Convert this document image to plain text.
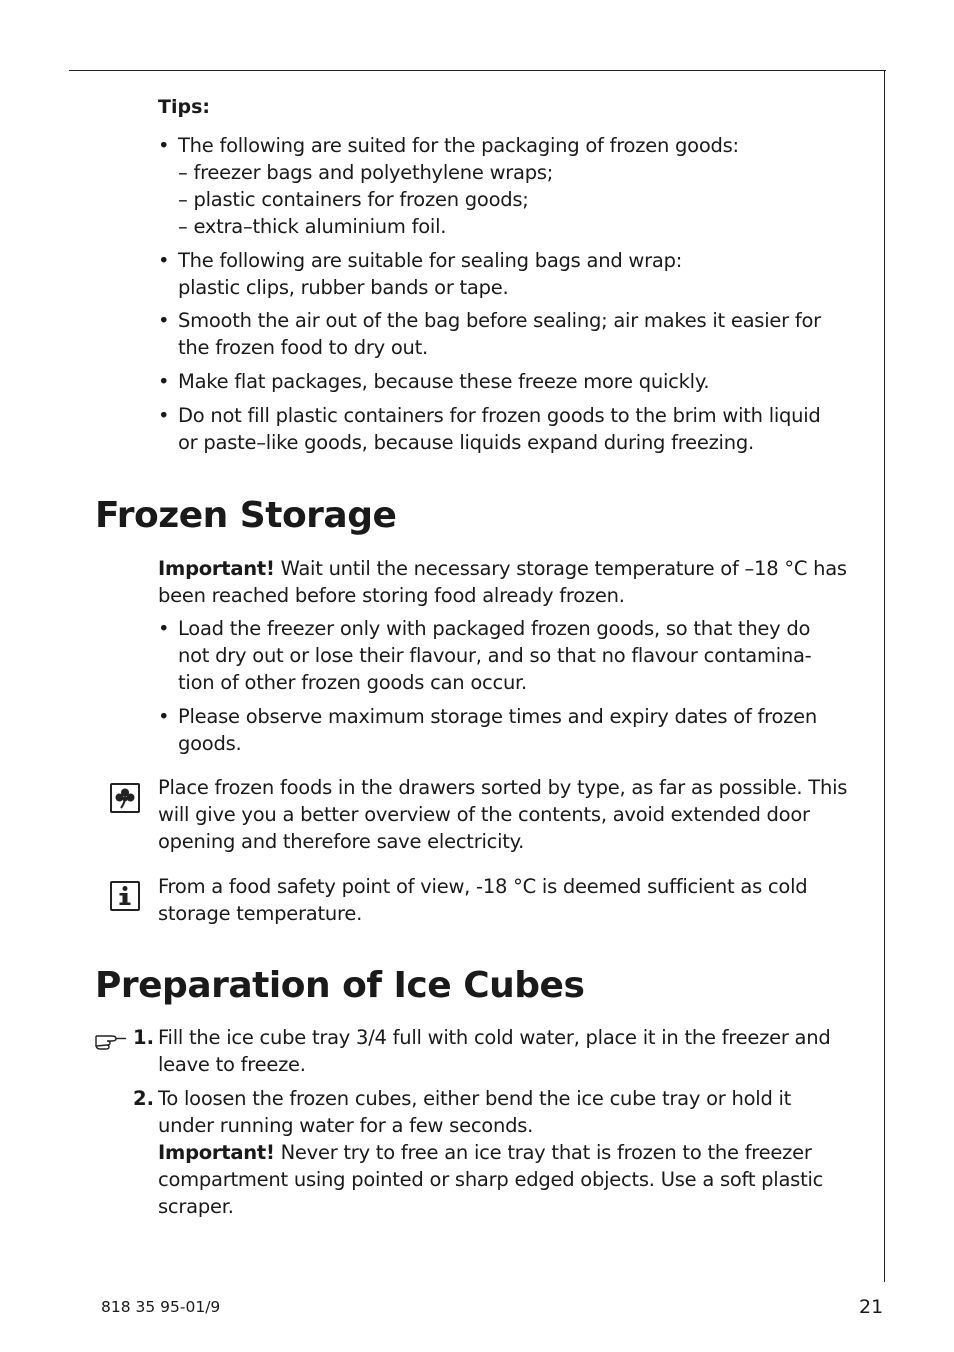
Tips:
• The following are suited for the packaging of frozen goods:
– freezer bags and polyethylene wraps;
– plastic containers for frozen goods;
– extra–thick aluminium foil.
• The following are suitable for sealing bags and wrap:
plastic clips, rubber bands or tape.
• Smooth the air out of the bag before sealing; air makes it easier for
the frozen food to dry out.
• Make flat packages, because these freeze more quickly.
• Do not fill plastic containers for frozen goods to the brim with liquid
or paste–like goods, because liquids expand during freezing.
Frozen Storage
Important! Wait until the necessary storage temperature of –18 °C has
been reached before storing food already frozen.
• Load the freezer only with packaged frozen goods, so that they do
not dry out or lose their flavour, and so that no flavour contamina-
tion of other frozen goods can occur.
• Please observe maximum storage times and expiry dates of frozen
goods.
Place frozen foods in the drawers sorted by type, as far as possible. This
will give you a better overview of the contents, avoid extended door
opening and therefore save electricity.
From a food safety point of view, -18 °C is deemed sufficient as cold
storage temperature.
Preparation of Ice Cubes
1. Fill the ice cube tray 3/4 full with cold water, place it in the freezer and
leave to freeze.
2. To loosen the frozen cubes, either bend the ice cube tray or hold it
under running water for a few seconds.
Important! Never try to free an ice tray that is frozen to the freezer
compartment using pointed or sharp edged objects. Use a soft plastic
scraper.
818 35 95-01/9	21
